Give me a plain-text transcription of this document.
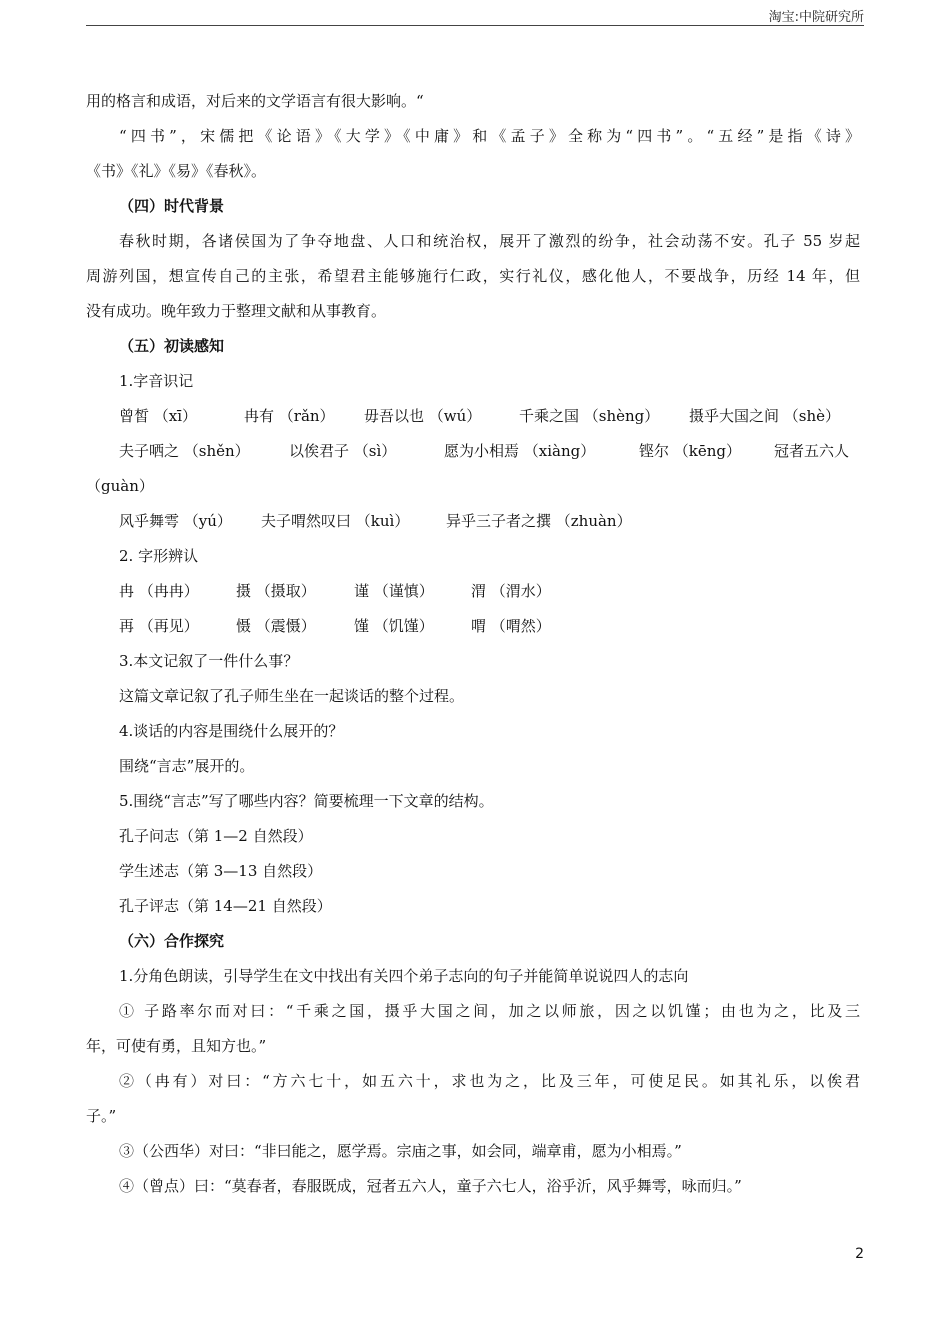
淘宝:中院研究所
用的格言和成语，对后来的文学语言有很大影响。“
“四书”，宋儒把《论语》《大学》《中庸》和《孟子》全称为“四书”。“五经”是指《诗》
《书》《礼》《易》《春秋》。
（四）时代背景
春秋时期，各诸侯国为了争夺地盘、人口和统治权，展开了激烈的纷争，社会动荡不安。孔子 55 岁起
周游列国，想宣传自己的主张，希望君主能够施行仁政，实行礼仪，感化他人，不要战争，历经 14 年，但
没有成功。晚年致力于整理文献和从事教育。
（五）初读感知
1.字音识记
曾皙 （xī）	冉有 （rǎn）	毋吾以也 （wú）	千乘之国 （shèng）	摄乎大国之间 （shè）
夫子哂之 （shěn）	以俟君子 （sì）	愿为小相焉 （xiàng）	铿尔 （kēng）	冠者五六人
（guàn）
风乎舞雩 （yú）	夫子喟然叹曰 （kuì）	异乎三子者之撰 （zhuàn）
2. 字形辨认
冉 （冉冉）	摄 （摄取）	谨 （谨慎）	渭 （渭水）
再 （再见）	慑 （震慑）	馑 （饥馑）	喟 （喟然）
3.本文记叙了一件什么事？
这篇文章记叙了孔子师生坐在一起谈话的整个过程。
4.谈话的内容是围绕什么展开的？
围绕“言志”展开的。
5.围绕“言志”写了哪些内容？简要梳理一下文章的结构。
孔子问志（第 1—2 自然段）
学生述志（第 3—13 自然段）
孔子评志（第 14—21 自然段）
（六）合作探究
1.分角色朗读，引导学生在文中找出有关四个弟子志向的句子并能简单说说四人的志向
① 子路率尔而对曰：“千乘之国，摄乎大国之间，加之以师旅，因之以饥馑；由也为之，比及三
年，可使有勇，且知方也。”
②（冉有）对曰：“方六七十，如五六十，求也为之，比及三年，可使足民。如其礼乐，以俟君
子。”
③（公西华）对曰：“非曰能之，愿学焉。宗庙之事，如会同，端章甫，愿为小相焉。”
④（曾点）曰：“莫春者，春服既成，冠者五六人，童子六七人，浴乎沂，风乎舞雩，咏而归。”
2
